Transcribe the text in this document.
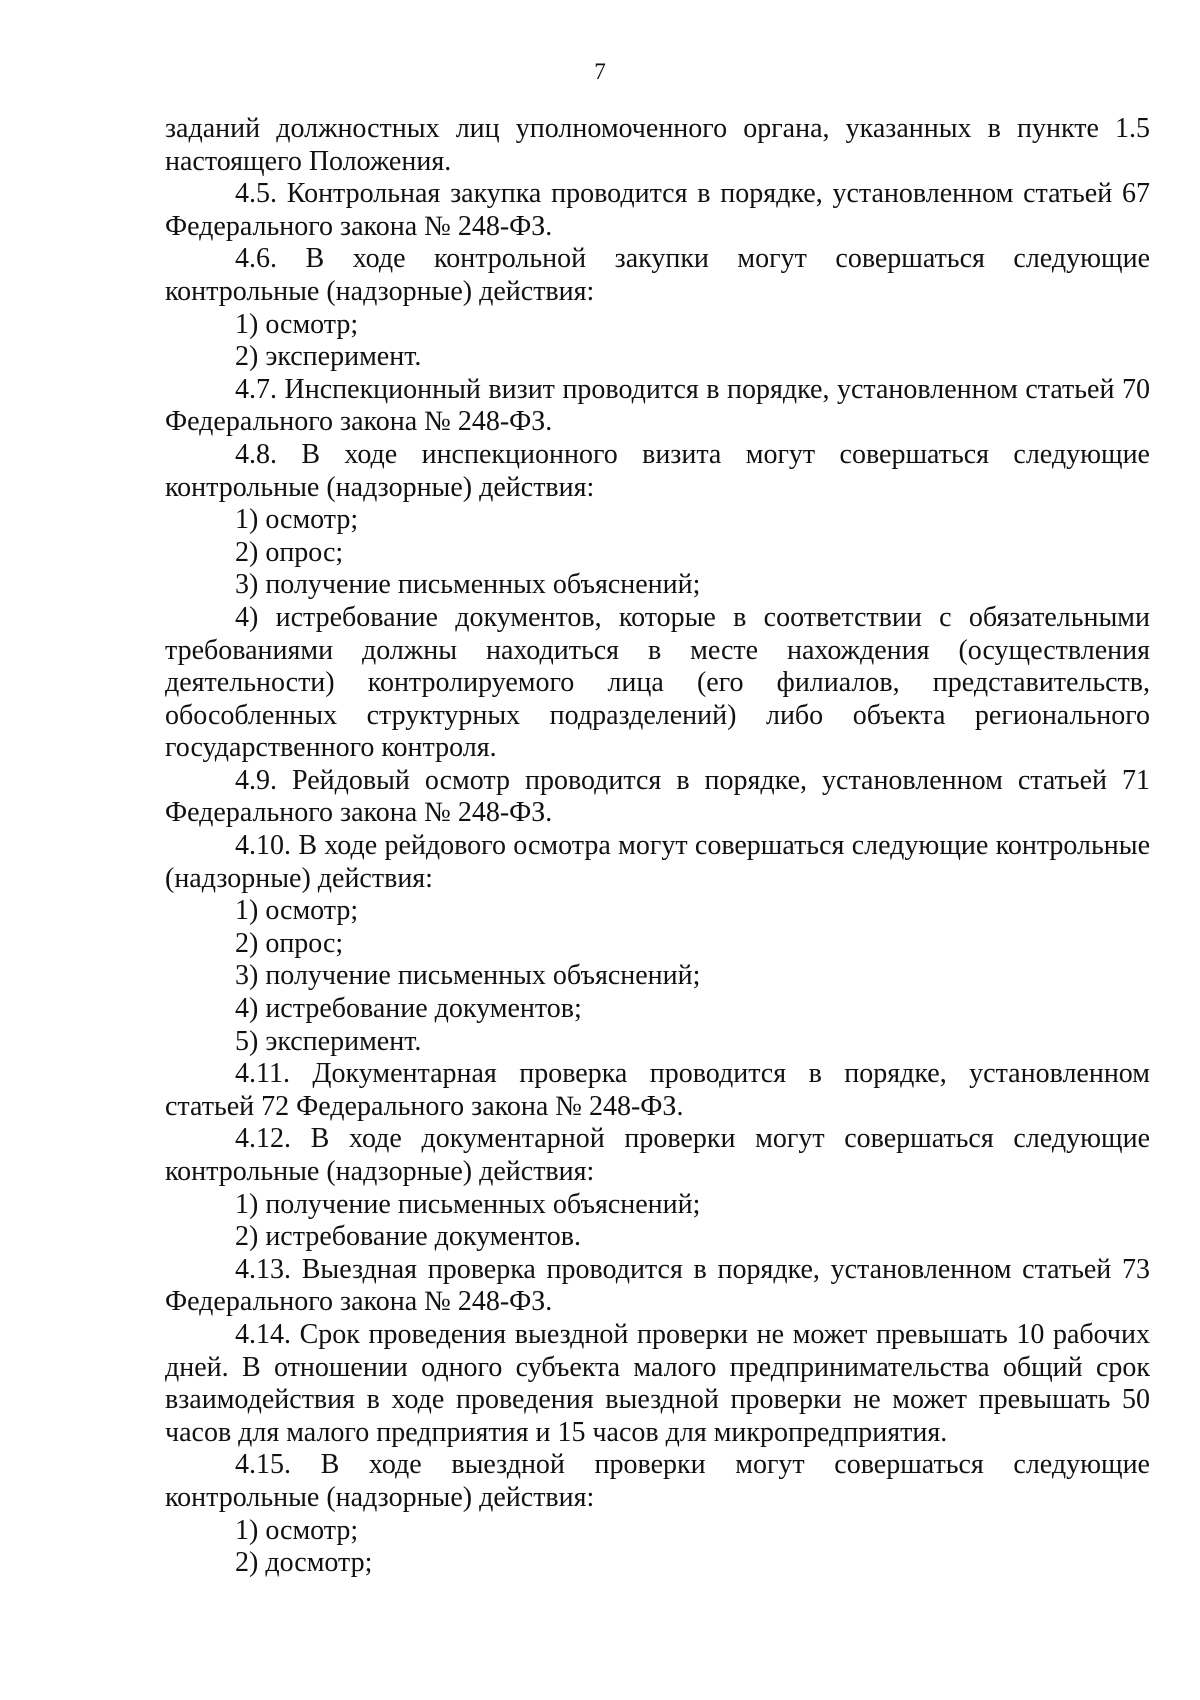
7

заданий должностных лиц уполномоченного органа, указанных в пункте 1.5 настоящего Положения.

4.5. Контрольная закупка проводится в порядке, установленном статьей 67 Федерального закона № 248-ФЗ.

4.6. В ходе контрольной закупки могут совершаться следующие контрольные (надзорные) действия:

1) осмотр;

2) эксперимент.

4.7. Инспекционный визит проводится в порядке, установленном статьей 70 Федерального закона № 248-ФЗ.

4.8. В ходе инспекционного визита могут совершаться следующие контрольные (надзорные) действия:

1) осмотр;

2) опрос;

3) получение письменных объяснений;

4) истребование документов, которые в соответствии с обязательными требованиями должны находиться в месте нахождения (осуществления деятельности) контролируемого лица (его филиалов, представительств, обособленных структурных подразделений) либо объекта регионального государственного контроля.

4.9. Рейдовый осмотр проводится в порядке, установленном статьей 71 Федерального закона № 248-ФЗ.

4.10. В ходе рейдового осмотра могут совершаться следующие контрольные (надзорные) действия:

1) осмотр;

2) опрос;

3) получение письменных объяснений;

4) истребование документов;

5) эксперимент.

4.11. Документарная проверка проводится в порядке, установленном статьей 72 Федерального закона № 248-ФЗ.

4.12. В ходе документарной проверки могут совершаться следующие контрольные (надзорные) действия:

1) получение письменных объяснений;

2) истребование документов.

4.13. Выездная проверка проводится в порядке, установленном статьей 73 Федерального закона № 248-ФЗ.

4.14. Срок проведения выездной проверки не может превышать 10 рабочих дней. В отношении одного субъекта малого предпринимательства общий срок взаимодействия в ходе проведения выездной проверки не может превышать 50 часов для малого предприятия и 15 часов для микропредприятия.

4.15. В ходе выездной проверки могут совершаться следующие контрольные (надзорные) действия:

1) осмотр;

2) досмотр;
